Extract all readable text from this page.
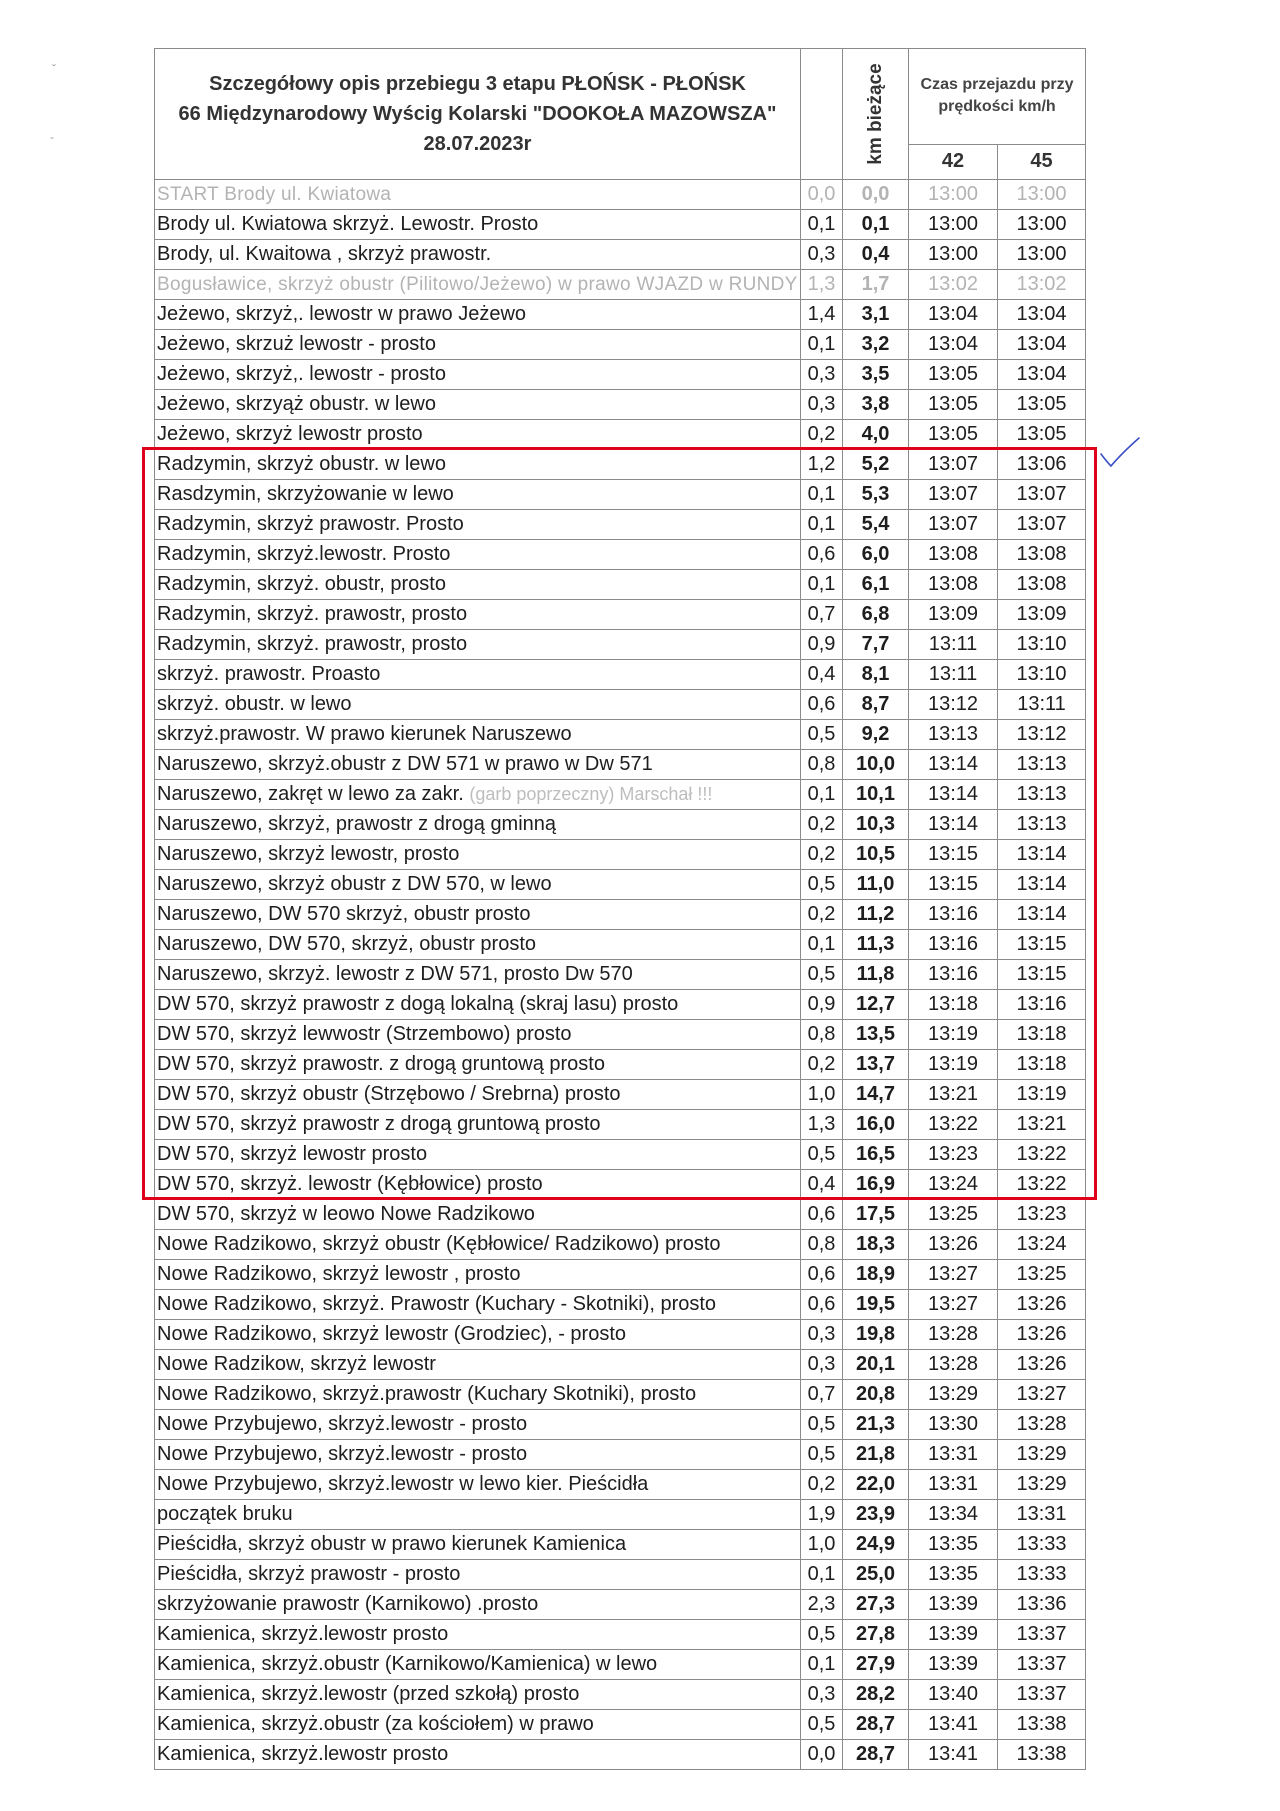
Szczegółowy opis przebiegu 3 etapu PŁOŃSK - PŁOŃSK
66 Międzynarodowy Wyścig Kolarski "DOOKOŁA MAZOWSZA"
28.07.2023r		km bieżące	Czas przejazdu przy prędkości km/h	
			42	45
START Brody ul. Kwiatowa	0,0	0,0	13:00	13:00
Brody ul. Kwiatowa skrzyż. Lewostr. Prosto	0,1	0,1	13:00	13:00
Brody, ul. Kwaitowa , skrzyż prawostr.	0,3	0,4	13:00	13:00
Bogusławice, skrzyż obustr (Pilitowo/Jeżewo) w prawo WJAZD w RUNDY	1,3	1,7	13:02	13:02
Jeżewo, skrzyż,. lewostr w prawo Jeżewo	1,4	3,1	13:04	13:04
Jeżewo, skrzuż lewostr - prosto	0,1	3,2	13:04	13:04
Jeżewo, skrzyż,. lewostr - prosto	0,3	3,5	13:05	13:04
Jeżewo, skrzyąż obustr. w lewo	0,3	3,8	13:05	13:05
Jeżewo, skrzyż lewostr prosto	0,2	4,0	13:05	13:05
Radzymin, skrzyż obustr. w lewo	1,2	5,2	13:07	13:06
Rasdzymin, skrzyżowanie w lewo	0,1	5,3	13:07	13:07
Radzymin, skrzyż prawostr. Prosto	0,1	5,4	13:07	13:07
Radzymin, skrzyż.lewostr. Prosto	0,6	6,0	13:08	13:08
Radzymin, skrzyż. obustr, prosto	0,1	6,1	13:08	13:08
Radzymin, skrzyż. prawostr, prosto	0,7	6,8	13:09	13:09
Radzymin, skrzyż. prawostr, prosto	0,9	7,7	13:11	13:10
skrzyż. prawostr. Proasto	0,4	8,1	13:11	13:10
skrzyż. obustr. w lewo	0,6	8,7	13:12	13:11
skrzyż.prawostr. W prawo kierunek Naruszewo	0,5	9,2	13:13	13:12
Naruszewo, skrzyż.obustr z DW 571 w prawo w Dw 571	0,8	10,0	13:14	13:13
Naruszewo, zakręt w lewo za zakr. (garb poprzeczny) Marschał !!!	0,1	10,1	13:14	13:13
Naruszewo, skrzyż, prawostr z drogą gminną	0,2	10,3	13:14	13:13
Naruszewo, skrzyż lewostr, prosto	0,2	10,5	13:15	13:14
Naruszewo, skrzyż obustr z DW 570, w lewo	0,5	11,0	13:15	13:14
Naruszewo, DW 570 skrzyż, obustr prosto	0,2	11,2	13:16	13:14
Naruszewo, DW 570, skrzyż, obustr prosto	0,1	11,3	13:16	13:15
Naruszewo, skrzyż. lewostr z DW 571, prosto Dw 570	0,5	11,8	13:16	13:15
DW 570, skrzyż prawostr z dogą lokalną (skraj lasu) prosto	0,9	12,7	13:18	13:16
DW 570, skrzyż lewwostr (Strzembowo) prosto	0,8	13,5	13:19	13:18
DW 570, skrzyż prawostr. z drogą gruntową prosto	0,2	13,7	13:19	13:18
DW 570, skrzyż obustr (Strzębowo / Srebrna) prosto	1,0	14,7	13:21	13:19
DW 570, skrzyż prawostr z drogą gruntową prosto	1,3	16,0	13:22	13:21
DW 570, skrzyż lewostr prosto	0,5	16,5	13:23	13:22
DW 570, skrzyż. lewostr (Kębłowice) prosto	0,4	16,9	13:24	13:22
DW 570, skrzyż w leowo Nowe Radzikowo	0,6	17,5	13:25	13:23
Nowe Radzikowo, skrzyż obustr (Kębłowice/ Radzikowo) prosto	0,8	18,3	13:26	13:24
Nowe Radzikowo, skrzyż lewostr , prosto	0,6	18,9	13:27	13:25
Nowe Radzikowo, skrzyż. Prawostr (Kuchary - Skotniki), prosto	0,6	19,5	13:27	13:26
Nowe Radzikowo, skrzyż lewostr (Grodziec), - prosto	0,3	19,8	13:28	13:26
Nowe Radzikow, skrzyż lewostr	0,3	20,1	13:28	13:26
Nowe Radzikowo, skrzyż.prawostr (Kuchary Skotniki), prosto	0,7	20,8	13:29	13:27
Nowe Przybujewo, skrzyż.lewostr - prosto	0,5	21,3	13:30	13:28
Nowe Przybujewo, skrzyż.lewostr - prosto	0,5	21,8	13:31	13:29
Nowe Przybujewo, skrzyż.lewostr w lewo kier. Pieścidła	0,2	22,0	13:31	13:29
początek bruku	1,9	23,9	13:34	13:31
Pieścidła, skrzyż obustr w prawo kierunek Kamienica	1,0	24,9	13:35	13:33
Pieścidła, skrzyż prawostr - prosto	0,1	25,0	13:35	13:33
skrzyżowanie prawostr (Karnikowo) .prosto	2,3	27,3	13:39	13:36
Kamienica, skrzyż.lewostr prosto	0,5	27,8	13:39	13:37
Kamienica, skrzyż.obustr (Karnikowo/Kamienica) w lewo	0,1	27,9	13:39	13:37
Kamienica, skrzyż.lewostr (przed szkołą) prosto	0,3	28,2	13:40	13:37
Kamienica, skrzyż.obustr (za kościołem) w prawo	0,5	28,7	13:41	13:38
Kamienica, skrzyż.lewostr prosto	0,0	28,7	13:41	13:38
ˇ
-
